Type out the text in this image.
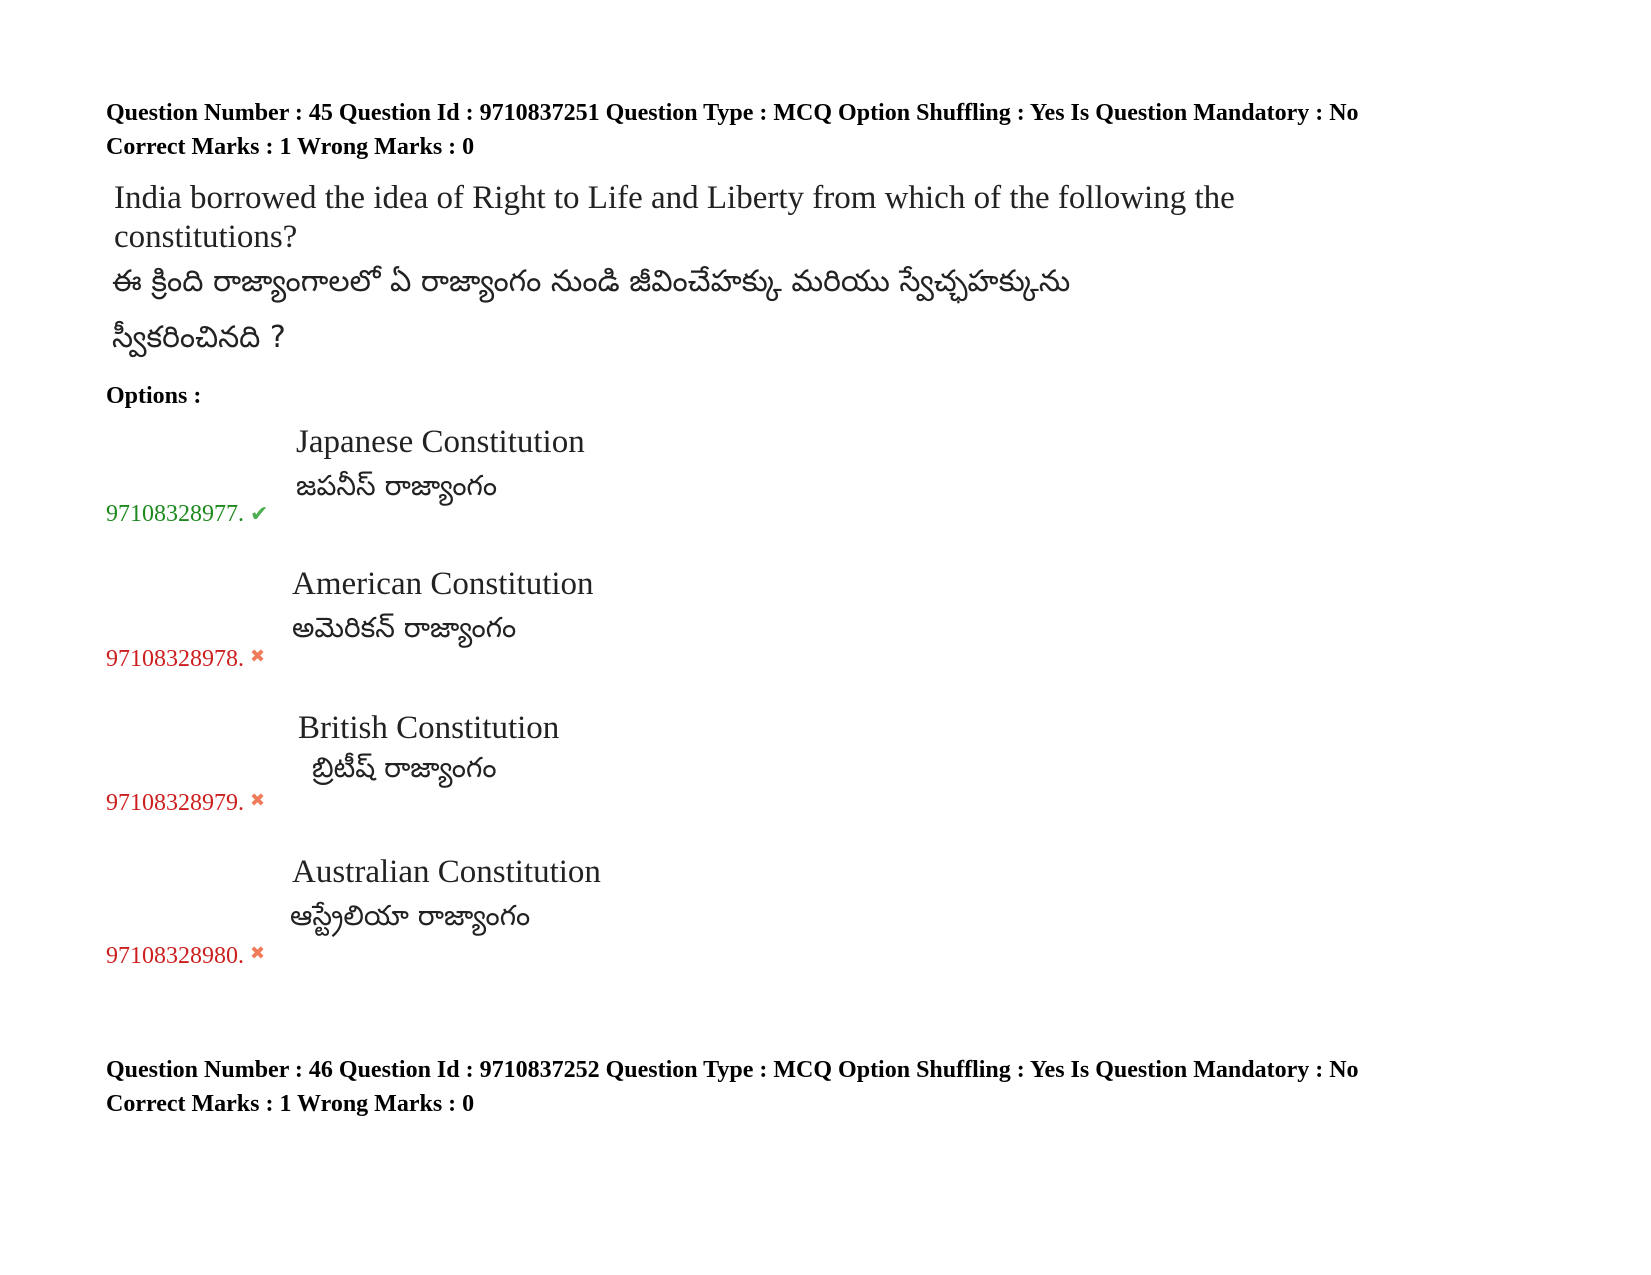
Question Number : 45 Question Id : 9710837251 Question Type : MCQ Option Shuffling : Yes Is Question Mandatory : No
Correct Marks : 1 Wrong Marks : 0
India borrowed the idea of Right to Life and Liberty from which of the following the
constitutions?
ఈ క్రింది రాజ్యాంగాలలో ఏ రాజ్యాంగం నుండి జీవించేహక్కు మరియు స్వేచ్ఛహక్కును
స్వీకరించినది ?
Options :
Japanese Constitution
జపనీస్ రాజ్యాంగం
97108328977. ✔
American Constitution
అమెరికన్ రాజ్యాంగం
97108328978. ✖
British Constitution
బ్రిటీష్ రాజ్యాంగం
97108328979. ✖
Australian Constitution
ఆస్ట్రేలియా రాజ్యాంగం
97108328980. ✖
Question Number : 46 Question Id : 9710837252 Question Type : MCQ Option Shuffling : Yes Is Question Mandatory : No
Correct Marks : 1 Wrong Marks : 0
